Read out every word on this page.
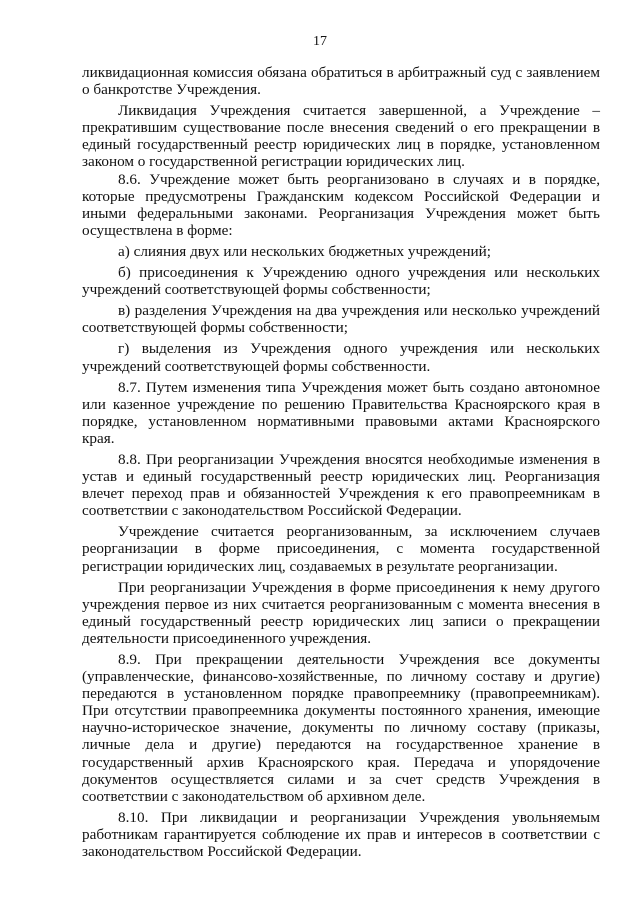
17

ликвидационная комиссия обязана обратиться в арбитражный суд с заявлением о банкротстве Учреждения.

Ликвидация Учреждения считается завершенной, а Учреждение – прекратившим существование после внесения сведений о его прекращении в единый государственный реестр юридических лиц в порядке, установленном законом о государственной регистрации юридических лиц.

8.6. Учреждение может быть реорганизовано в случаях и в порядке, которые предусмотрены Гражданским кодексом Российской Федерации и иными федеральными законами. Реорганизация Учреждения может быть осуществлена в форме:

а) слияния двух или нескольких бюджетных учреждений;

б) присоединения к Учреждению одного учреждения или нескольких учреждений соответствующей формы собственности;

в) разделения Учреждения на два учреждения или несколько учреждений соответствующей формы собственности;

г) выделения из Учреждения одного учреждения или нескольких учреждений соответствующей формы собственности.

8.7. Путем изменения типа Учреждения может быть создано автономное или казенное учреждение по решению Правительства Красноярского края в порядке, установленном нормативными правовыми актами Красноярского края.

8.8. При реорганизации Учреждения вносятся необходимые изменения в устав и единый государственный реестр юридических лиц. Реорганизация влечет переход прав и обязанностей Учреждения к его правопреемникам в соответствии с законодательством Российской Федерации.

Учреждение считается реорганизованным, за исключением случаев реорганизации в форме присоединения, с момента государственной регистрации юридических лиц, создаваемых в результате реорганизации.

При реорганизации Учреждения в форме присоединения к нему другого учреждения первое из них считается реорганизованным с момента внесения в единый государственный реестр юридических лиц записи о прекращении деятельности присоединенного учреждения.

8.9. При прекращении деятельности Учреждения все документы (управленческие, финансово-хозяйственные, по личному составу и другие) передаются в установленном порядке правопреемнику (правопреемникам). При отсутствии правопреемника документы постоянного хранения, имеющие научно-историческое значение, документы по личному составу (приказы, личные дела и другие) передаются на государственное хранение в государственный архив Красноярского края. Передача и упорядочение документов осуществляется силами и за счет средств Учреждения в соответствии с законодательством об архивном деле.

8.10. При ликвидации и реорганизации Учреждения увольняемым работникам гарантируется соблюдение их прав и интересов в соответствии с законодательством Российской Федерации.
